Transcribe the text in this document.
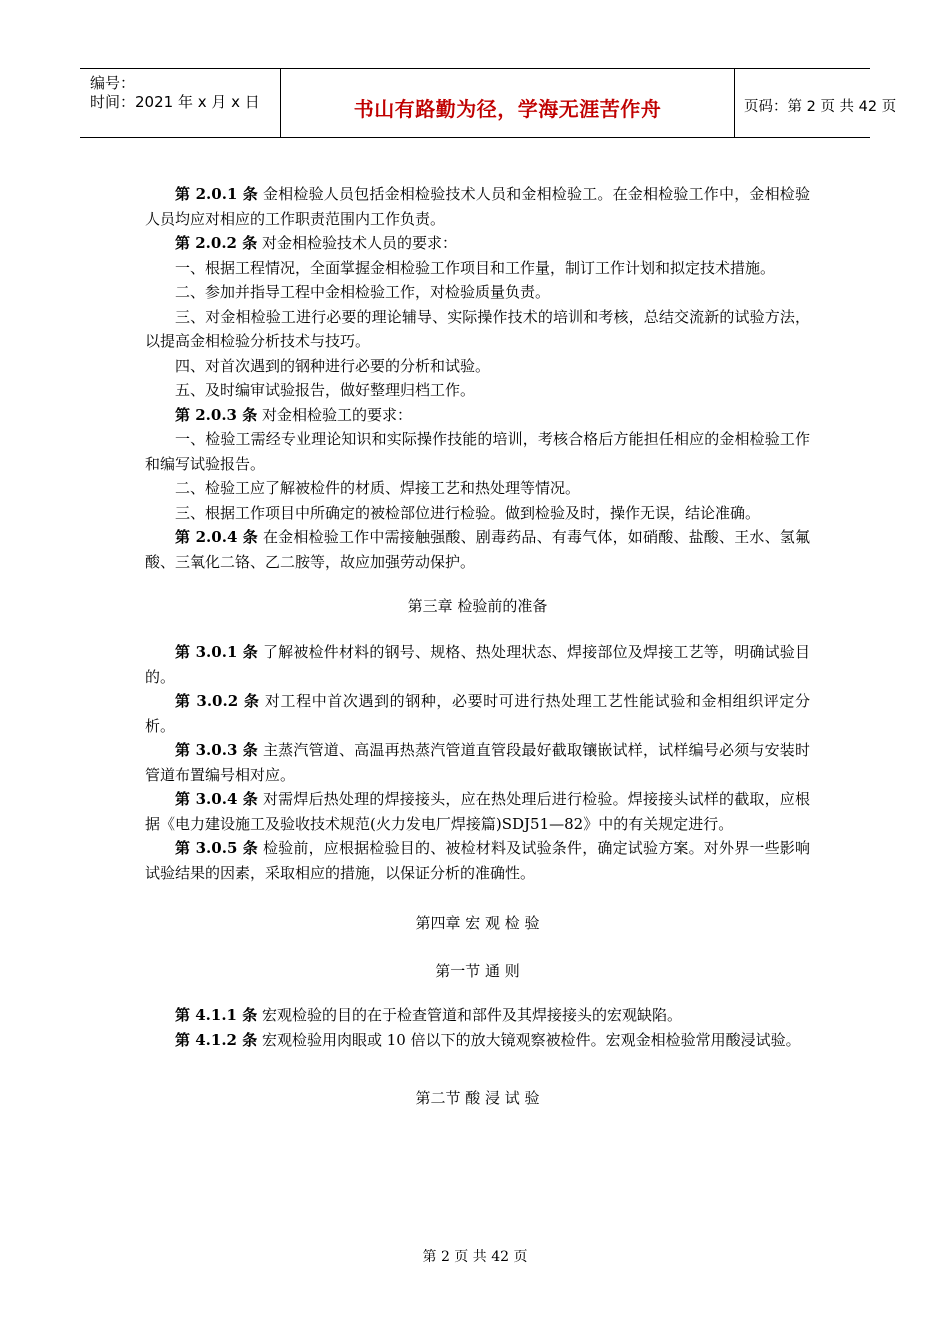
编号：
时间：2021 年 x 月 x 日	书山有路勤为径，学海无涯苦作舟	页码：第 2 页 共 42 页

第 2.0.1 条 金相检验人员包括金相检验技术人员和金相检验工。在金相检验工作中，金相检验人员均应对相应的工作职责范围内工作负责。

第 2.0.2 条 对金相检验技术人员的要求：

一、根据工程情况，全面掌握金相检验工作项目和工作量，制订工作计划和拟定技术措施。

二、参加并指导工程中金相检验工作，对检验质量负责。

三、对金相检验工进行必要的理论辅导、实际操作技术的培训和考核，总结交流新的试验方法，以提高金相检验分析技术与技巧。

四、对首次遇到的钢种进行必要的分析和试验。

五、及时编审试验报告，做好整理归档工作。

第 2.0.3 条 对金相检验工的要求：

一、检验工需经专业理论知识和实际操作技能的培训，考核合格后方能担任相应的金相检验工作和编写试验报告。

二、检验工应了解被检件的材质、焊接工艺和热处理等情况。

三、根据工作项目中所确定的被检部位进行检验。做到检验及时，操作无误，结论准确。

第 2.0.4 条 在金相检验工作中需接触强酸、剧毒药品、有毒气体，如硝酸、盐酸、王水、氢氟酸、三氧化二铬、乙二胺等，故应加强劳动保护。

第三章 检验前的准备

第 3.0.1 条 了解被检件材料的钢号、规格、热处理状态、焊接部位及焊接工艺等，明确试验目的。

第 3.0.2 条 对工程中首次遇到的钢种，必要时可进行热处理工艺性能试验和金相组织评定分析。

第 3.0.3 条 主蒸汽管道、高温再热蒸汽管道直管段最好截取镶嵌试样，试样编号必须与安装时管道布置编号相对应。

第 3.0.4 条 对需焊后热处理的焊接接头，应在热处理后进行检验。焊接接头试样的截取，应根据《电力建设施工及验收技术规范(火力发电厂焊接篇)SDJ51—82》中的有关规定进行。

第 3.0.5 条 检验前，应根据检验目的、被检材料及试验条件，确定试验方案。对外界一些影响试验结果的因素，采取相应的措施，以保证分析的准确性。

第四章 宏 观 检 验

第一节 通 则

第 4.1.1 条 宏观检验的目的在于检查管道和部件及其焊接接头的宏观缺陷。

第 4.1.2 条 宏观检验用肉眼或 10 倍以下的放大镜观察被检件。宏观金相检验常用酸浸试验。

第二节 酸 浸 试 验

第 2 页 共 42 页
